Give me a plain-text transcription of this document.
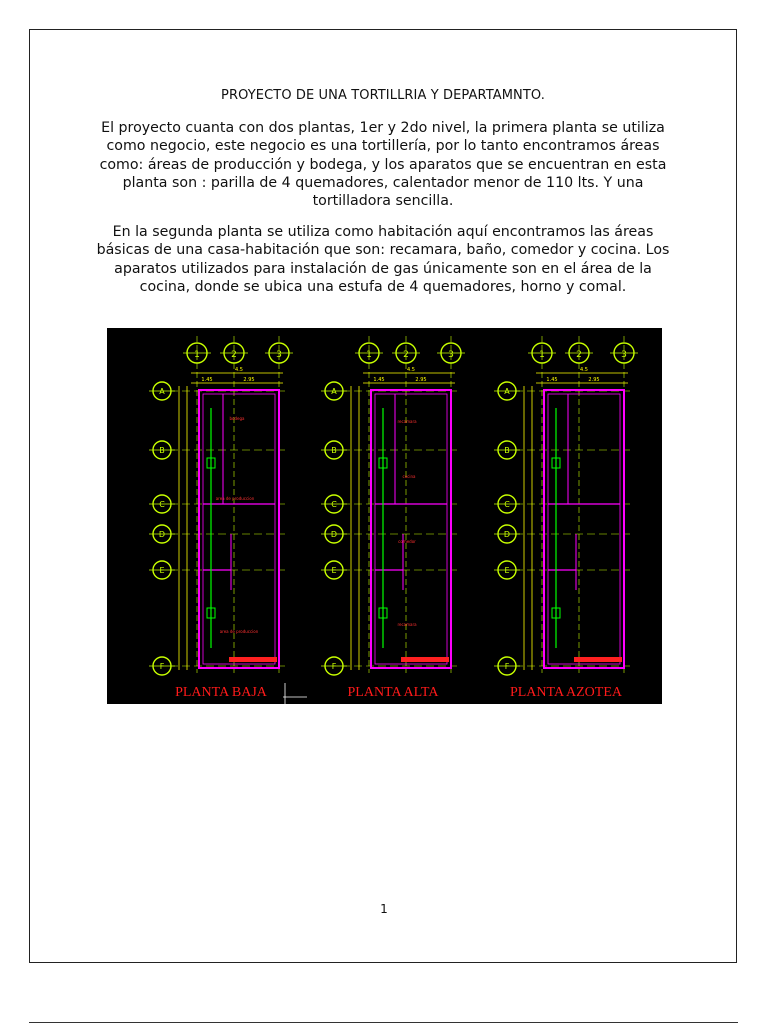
PROYECTO DE UNA TORTILLRIA Y DEPARTAMNTO.
El proyecto cuanta con dos plantas, 1er y 2do nivel, la primera planta se utiliza como negocio, este negocio es una tortillería, por lo tanto encontramos áreas como: áreas de producción y bodega, y los aparatos que se encuentran en esta planta son : parilla de 4 quemadores, calentador menor de 110 lts. Y una tortilladora sencilla.
En la segunda planta se utiliza como habitación aquí encontramos las áreas básicas de una casa-habitación que son: recamara, baño, comedor y cocina. Los aparatos utilizados para instalación de gas únicamente son en el área de la cocina, donde se ubica una estufa de 4 quemadores, horno y comal.
1	2	3
4.5
1.45	2.95
A
B
C
D
E
F
PLANTA BAJA
1	2	3
4.5
1.45	2.95
A
B
C
D
E
F
PLANTA ALTA
1	2	3
4.5
1.45	2.95
A
B
C
D
E
F
PLANTA AZOTEA
bodega
area de produccion
area de produccion
recamara
cocina
comedor
recamara
1
